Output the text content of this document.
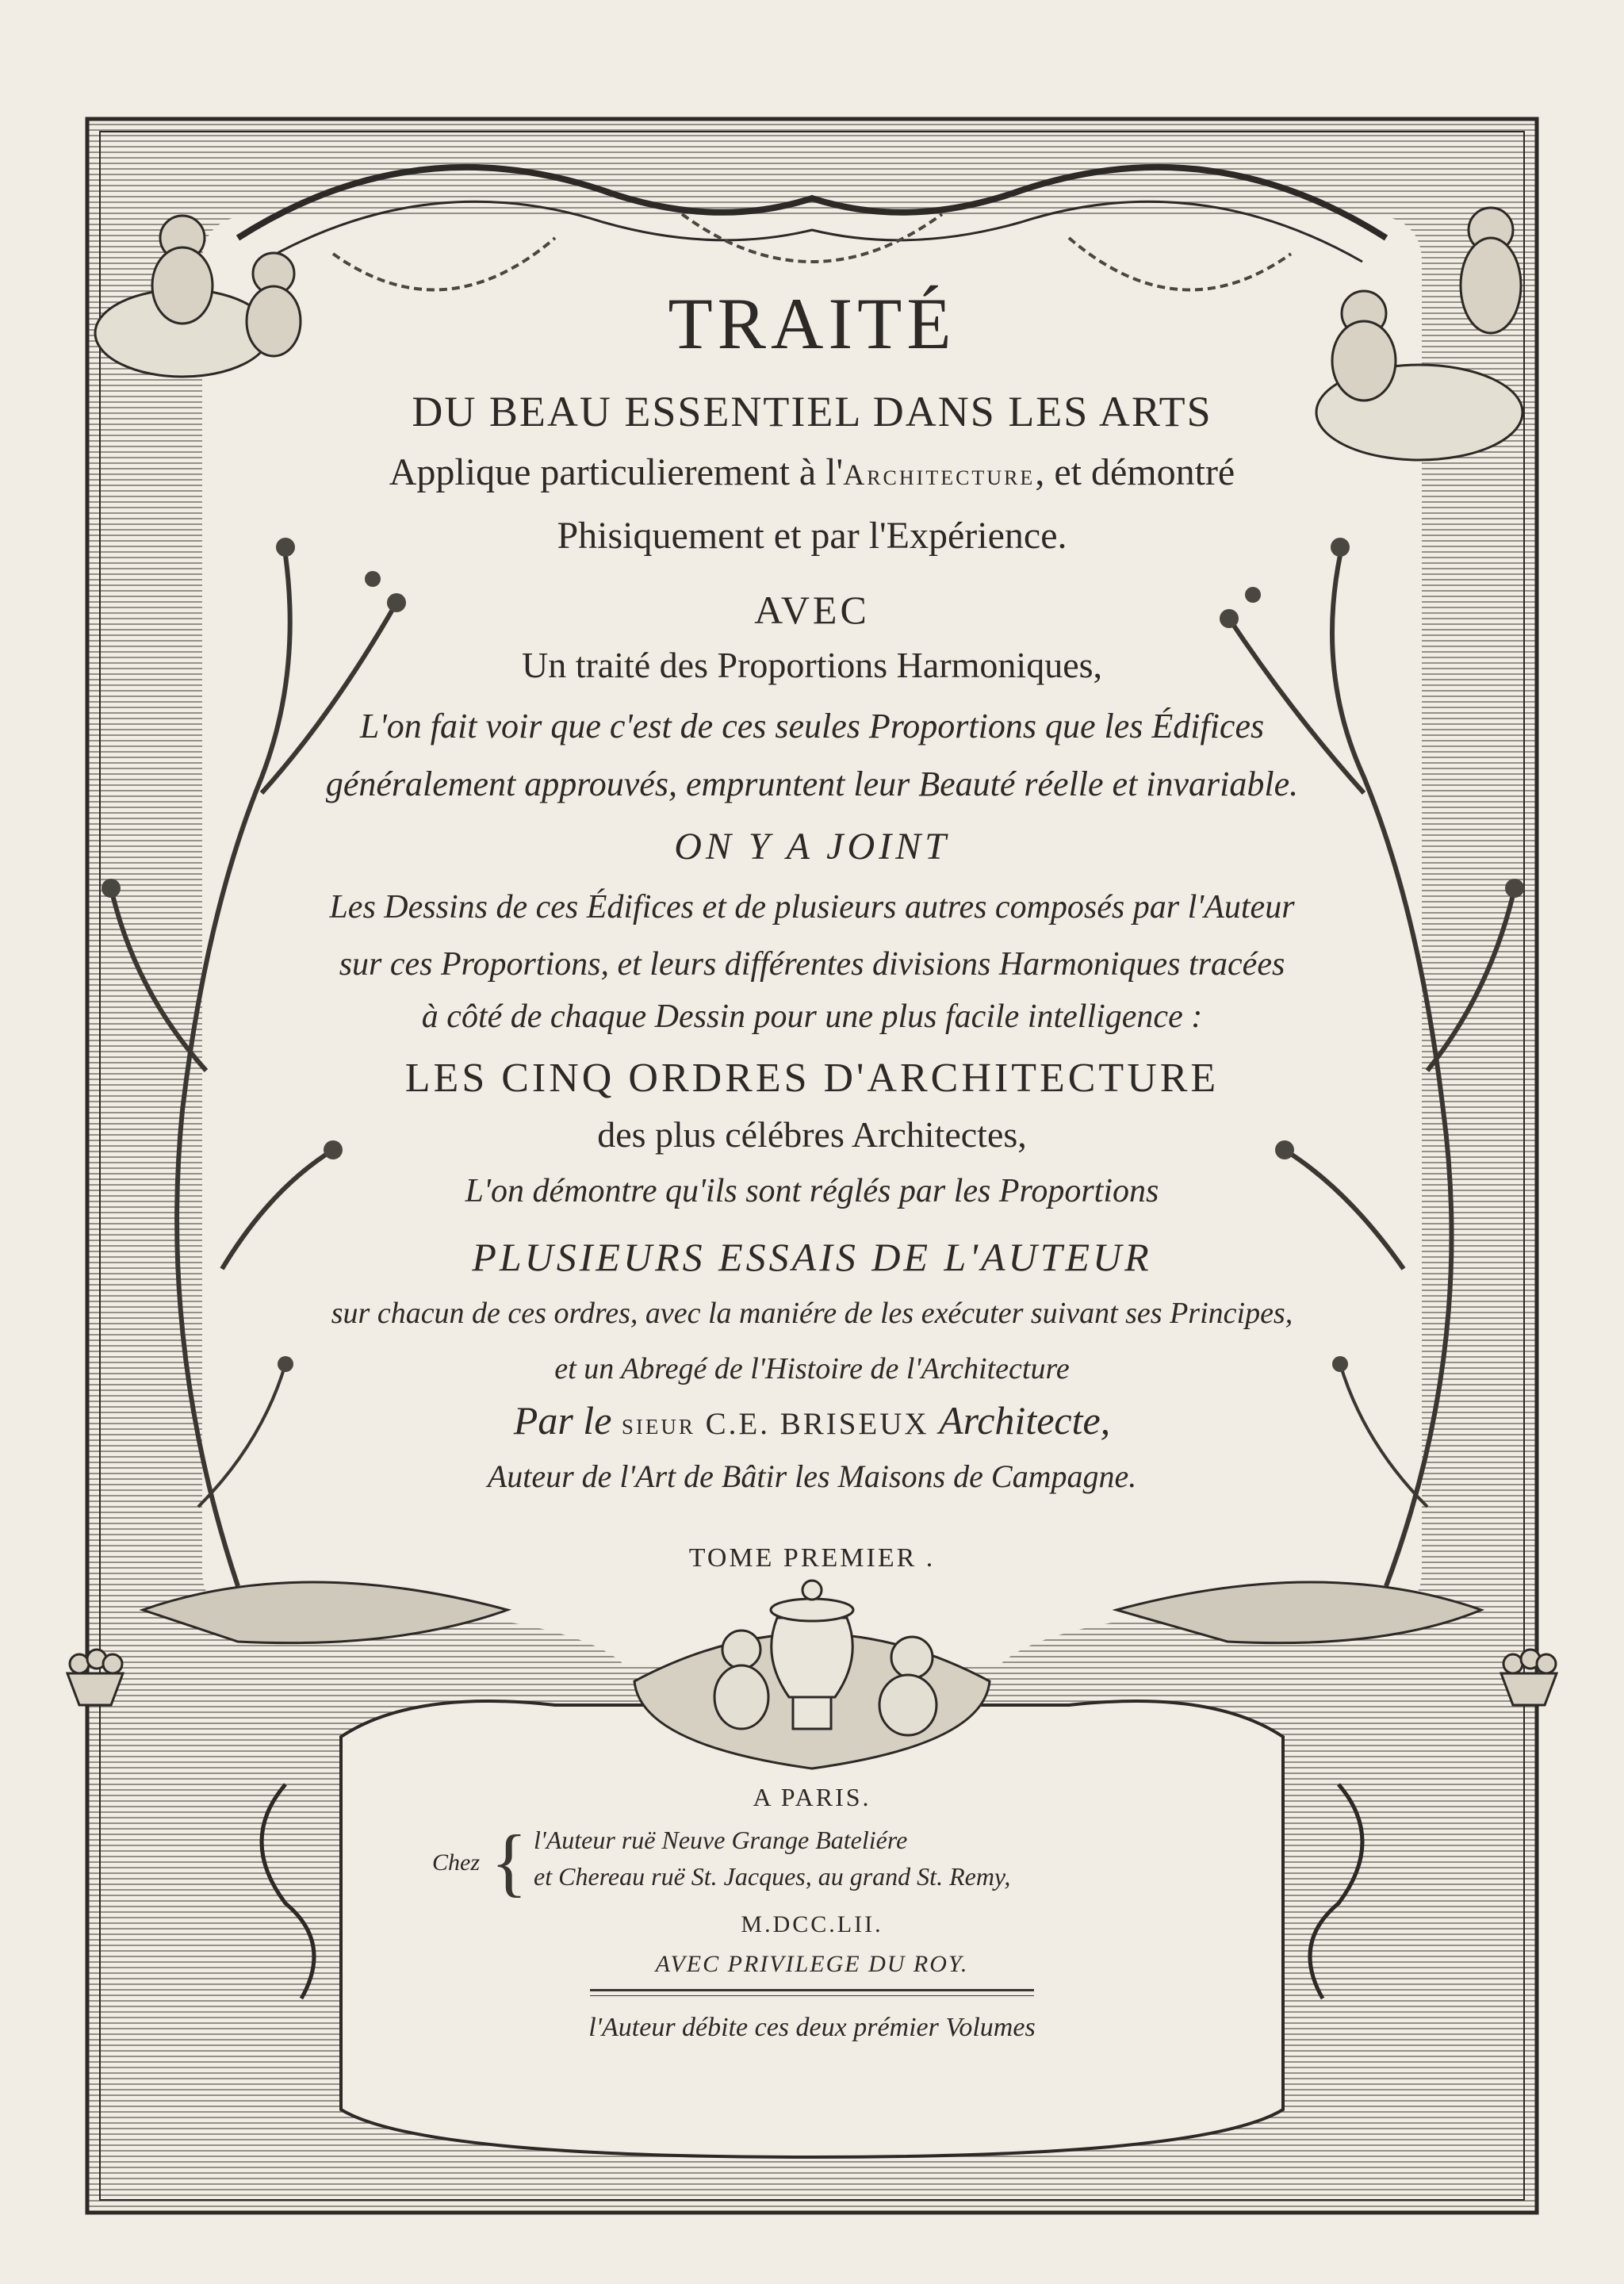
TRAITÉ
DU BEAU ESSENTIEL DANS LES ARTS
Applique particulierement à l'Architecture, et démontré
Phisiquement et par l'Expérience.
AVEC
Un traité des Proportions Harmoniques,
L'on fait voir que c'est de ces seules Proportions que les Édifices
généralement approuvés, empruntent leur Beauté réelle et invariable.
ON Y A JOINT
Les Dessins de ces Édifices et de plusieurs autres composés par l'Auteur
sur ces Proportions, et leurs différentes divisions Harmoniques tracées
à côté de chaque Dessin pour une plus facile intelligence :
LES CINQ ORDRES D'ARCHITECTURE
des plus célébres Architectes,
L'on démontre qu'ils sont réglés par les Proportions
PLUSIEURS ESSAIS DE L'AUTEUR
sur chacun de ces ordres, avec la maniére de les exécuter suivant ses Principes,
et un Abregé de l'Histoire de l'Architecture
Par le sieur C.E. BRISEUX Architecte,
Auteur de l'Art de Bâtir les Maisons de Campagne.
TOME PREMIER .
A PARIS.
Chez { l'Auteur ruë Neuve Grange Bateliére
et Chereau ruë St. Jacques, au grand St. Remy,
M.DCC.LII.
AVEC PRIVILEGE DU ROY.
l'Auteur débite ces deux prémier Volumes
